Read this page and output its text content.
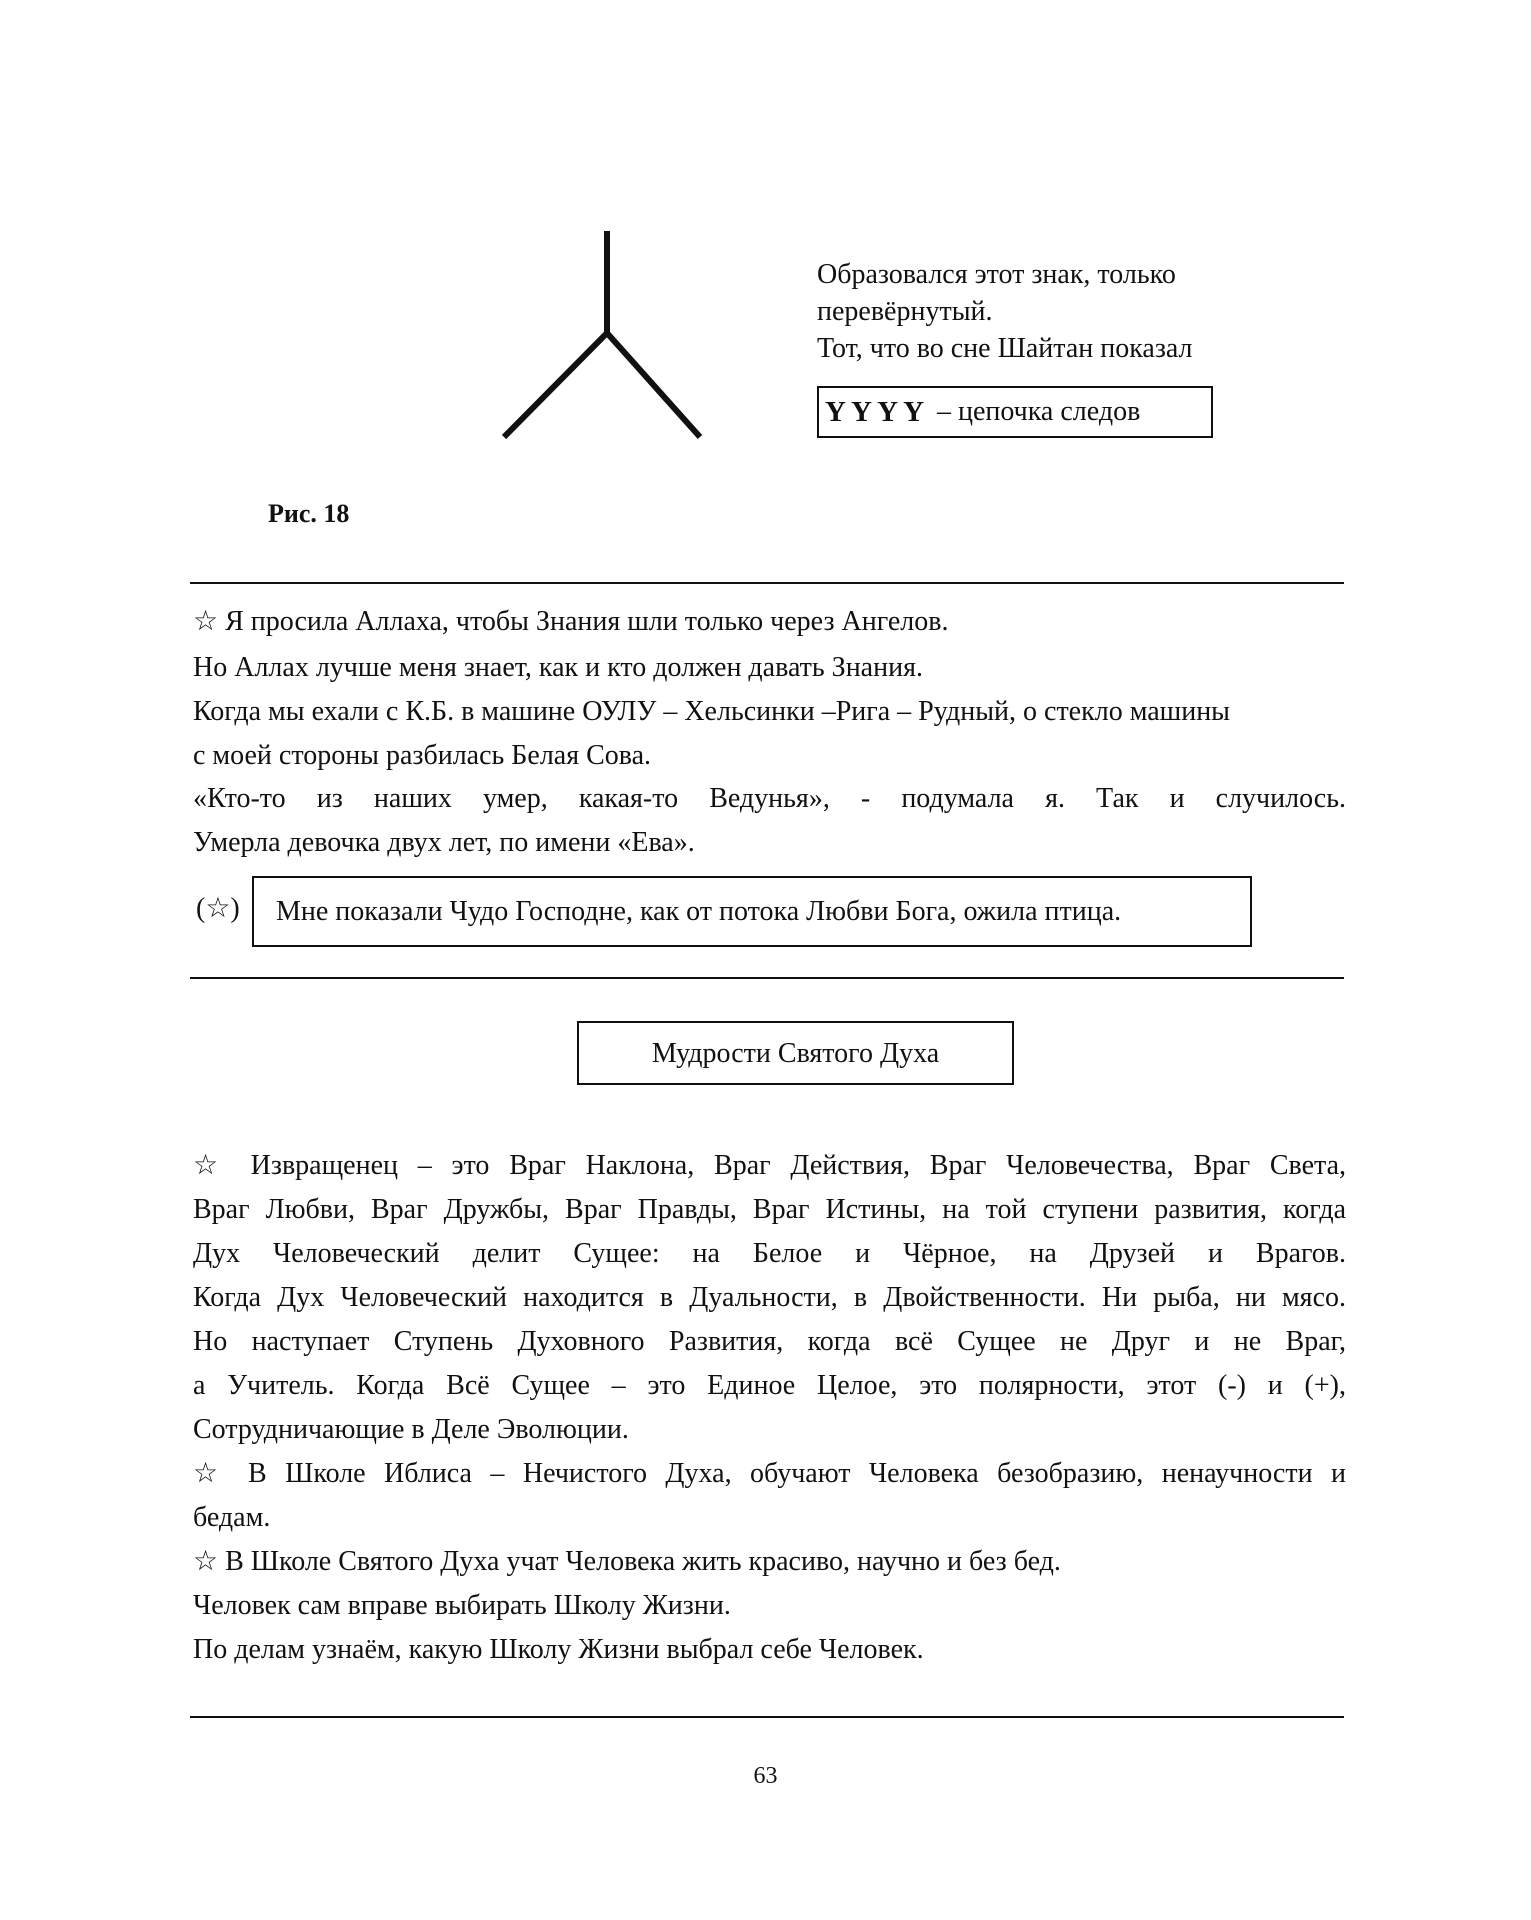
Образовался этот знак, только
перевёрнутый.
Тот, что во сне Шайтан показал
Y Y Y Y – цепочка следов
Рис. 18
☆ Я просила Аллаха, чтобы Знания шли только через Ангелов.
Но Аллах лучше меня знает, как и кто должен давать Знания.
Когда мы ехали с К.Б. в машине ОУЛУ – Хельсинки –Рига – Рудный, о стекло машины
с моей стороны разбилась Белая Сова.
«Кто-то из наших умер, какая-то Ведунья», - подумала я. Так и случилось.
Умерла девочка двух лет, по имени «Ева».
(☆) Мне показали Чудо Господне, как от потока Любви Бога, ожила птица.
Мудрости Святого Духа
☆ Извращенец – это Враг Наклона, Враг Действия, Враг Человечества, Враг Света,
Враг Любви, Враг Дружбы, Враг Правды, Враг Истины, на той ступени развития, когда
Дух Человеческий делит Сущее: на Белое и Чёрное, на Друзей и Врагов.
Когда Дух Человеческий находится в Дуальности, в Двойственности. Ни рыба, ни мясо.
Но наступает Ступень Духовного Развития, когда всё Сущее не Друг и не Враг,
а Учитель. Когда Всё Сущее – это Единое Целое, это полярности, этот (-) и (+),
Сотрудничающие в Деле Эволюции.
☆ В Школе Иблиса – Нечистого Духа, обучают Человека безобразию, ненаучности и
бедам.
☆ В Школе Святого Духа учат Человека жить красиво, научно и без бед.
Человек сам вправе выбирать Школу Жизни.
По делам узнаём, какую Школу Жизни выбрал себе Человек.
63
